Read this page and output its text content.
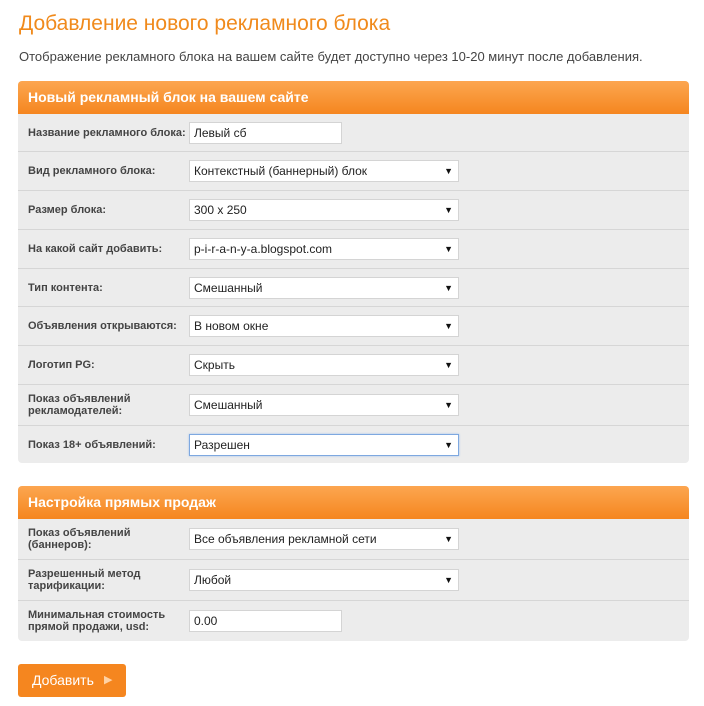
Добавление нового рекламного блока
Отображение рекламного блока на вашем сайте будет доступно через 10-20 минут после добавления.
Новый рекламный блок на вашем сайте
Название рекламного блока: Левый сб
Вид рекламного блока:	Контекстный (баннерный) блок	▼
Размер блока:	300 x 250	▼
На какой сайт добавить:	p-i-r-a-n-y-a.blogspot.com	▼
Тип контента:	Смешанный	▼
Объявления открываются:	В новом окне	▼
Логотип PG:	Скрыть	▼
Показ объявлений рекламодателей:	Смешанный	▼
Показ 18+ объявлений:	Разрешен	▼
Настройка прямых продаж
Показ объявлений (баннеров):	Все объявления рекламной сети	▼
Разрешенный метод тарификации:	Любой	▼
Минимальная стоимость прямой продажи, usd:	0.00
Добавить ▶
